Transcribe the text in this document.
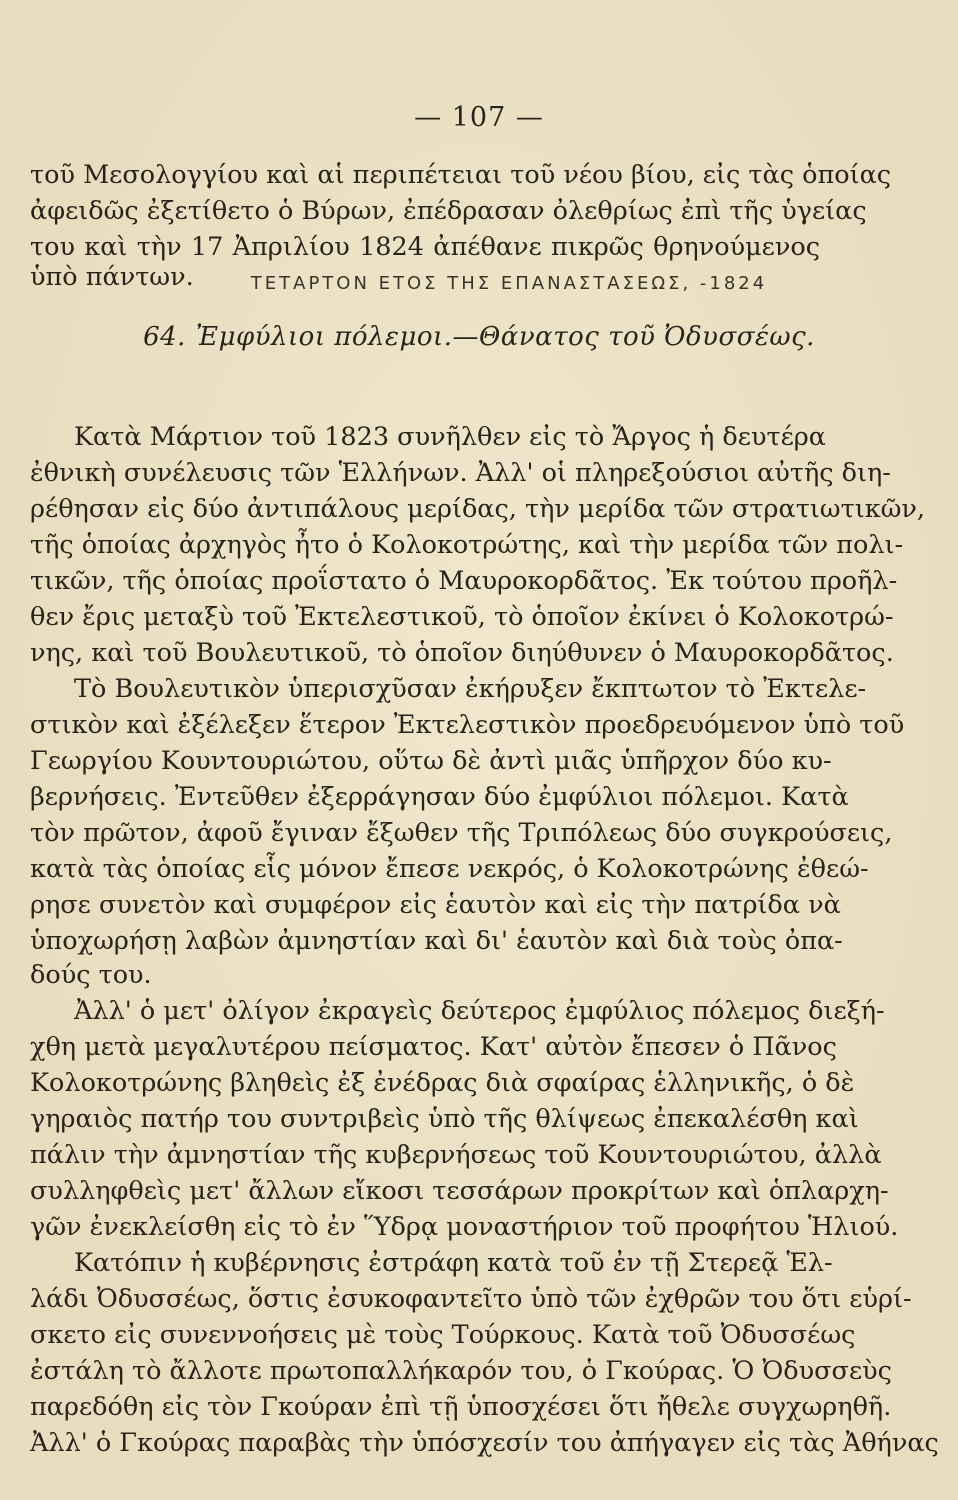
— 107 —
τοῦ Μεσολογγίου καὶ αἱ περιπέτειαι τοῦ νέου βίου, εἰς τὰς ὁποίας
ἀφειδῶς ἐξετίθετο ὁ Βύρων, ἐπέδρασαν ὀλεθρίως ἐπὶ τῆς ὑγείας
του καὶ τὴν 17 Ἀπριλίου 1824 ἀπέθανε πικρῶς θρηνούμενος
ὑπὸ πάντων.	ΤΕΤΑΡΤΟΝ ΕΤΟΣ ΤΗΣ ΕΠΑΝΑΣΤΑΣΕΩΣ, -1824
64. Ἐμφύλιοι πόλεμοι.—Θάνατος τοῦ Ὀδυσσέως.
Κατὰ Μάρτιον τοῦ 1823 συνῆλθεν εἰς τὸ Ἄργος ἡ δευτέρα
ἐθνικὴ συνέλευσις τῶν Ἑλλήνων. Ἀλλ' οἱ πληρεξούσιοι αὐτῆς διη-
ρέθησαν εἰς δύο ἀντιπάλους μερίδας, τὴν μερίδα τῶν στρατιωτικῶν,
τῆς ὁποίας ἀρχηγὸς ἦτο ὁ Κολοκοτρώτης, καὶ τὴν μερίδα τῶν πολι-
τικῶν, τῆς ὁποίας προΐστατο ὁ Μαυροκορδᾶτος. Ἐκ τούτου προῆλ-
θεν ἔρις μεταξὺ τοῦ Ἐκτελεστικοῦ, τὸ ὁποῖον ἐκίνει ὁ Κολοκοτρώ-
νης, καὶ τοῦ Βουλευτικοῦ, τὸ ὁποῖον διηύθυνεν ὁ Μαυροκορδᾶτος.
Τὸ Βουλευτικὸν ὑπερισχῦσαν ἐκήρυξεν ἔκπτωτον τὸ Ἐκτελε-
στικὸν καὶ ἐξέλεξεν ἕτερον Ἐκτελεστικὸν προεδρευόμενον ὑπὸ τοῦ
Γεωργίου Κουντουριώτου, οὕτω δὲ ἀντὶ μιᾶς ὑπῆρχον δύο κυ-
βερνήσεις. Ἐντεῦθεν ἐξερράγησαν δύο ἐμφύλιοι πόλεμοι. Κατὰ
τὸν πρῶτον, ἀφοῦ ἔγιναν ἔξωθεν τῆς Τριπόλεως δύο συγκρούσεις,
κατὰ τὰς ὁποίας εἷς μόνον ἔπεσε νεκρός, ὁ Κολοκοτρώνης ἐθεώ-
ρησε συνετὸν καὶ συμφέρον εἰς ἑαυτὸν καὶ εἰς τὴν πατρίδα νὰ
ὑποχωρήσῃ λαβὼν ἀμνηστίαν καὶ δι' ἑαυτὸν καὶ διὰ τοὺς ὀπα-
δούς του.
Ἀλλ' ὁ μετ' ὀλίγον ἐκραγεὶς δεύτερος ἐμφύλιος πόλεμος διεξή-
χθη μετὰ μεγαλυτέρου πείσματος. Κατ' αὐτὸν ἔπεσεν ὁ Πᾶνος
Κολοκοτρώνης βληθεὶς ἐξ ἐνέδρας διὰ σφαίρας ἑλληνικῆς, ὁ δὲ
γηραιὸς πατήρ του συντριβεὶς ὑπὸ τῆς θλίψεως ἐπεκαλέσθη καὶ
πάλιν τὴν ἀμνηστίαν τῆς κυβερνήσεως τοῦ Κουντουριώτου, ἀλλὰ
συλληφθεὶς μετ' ἄλλων εἴκοσι τεσσάρων προκρίτων καὶ ὁπλαρχη-
γῶν ἐνεκλείσθη εἰς τὸ ἐν Ὕδρᾳ μοναστήριον τοῦ προφήτου Ἡλιού.
Κατόπιν ἡ κυβέρνησις ἐστράφη κατὰ τοῦ ἐν τῇ Στερεᾷ Ἑλ-
λάδι Ὀδυσσέως, ὅστις ἐσυκοφαντεῖτο ὑπὸ τῶν ἐχθρῶν του ὅτι εὑρί-
σκετο εἰς συνεννοήσεις μὲ τοὺς Τούρκους. Κατὰ τοῦ Ὀδυσσέως
ἐστάλη τὸ ἄλλοτε πρωτοπαλλήκαρόν του, ὁ Γκούρας. Ὁ Ὀδυσσεὺς
παρεδόθη εἰς τὸν Γκούραν ἐπὶ τῇ ὑποσχέσει ὅτι ἤθελε συγχωρηθῆ.
Ἀλλ' ὁ Γκούρας παραβὰς τὴν ὑπόσχεσίν του ἀπήγαγεν εἰς τὰς Ἀθήνας
